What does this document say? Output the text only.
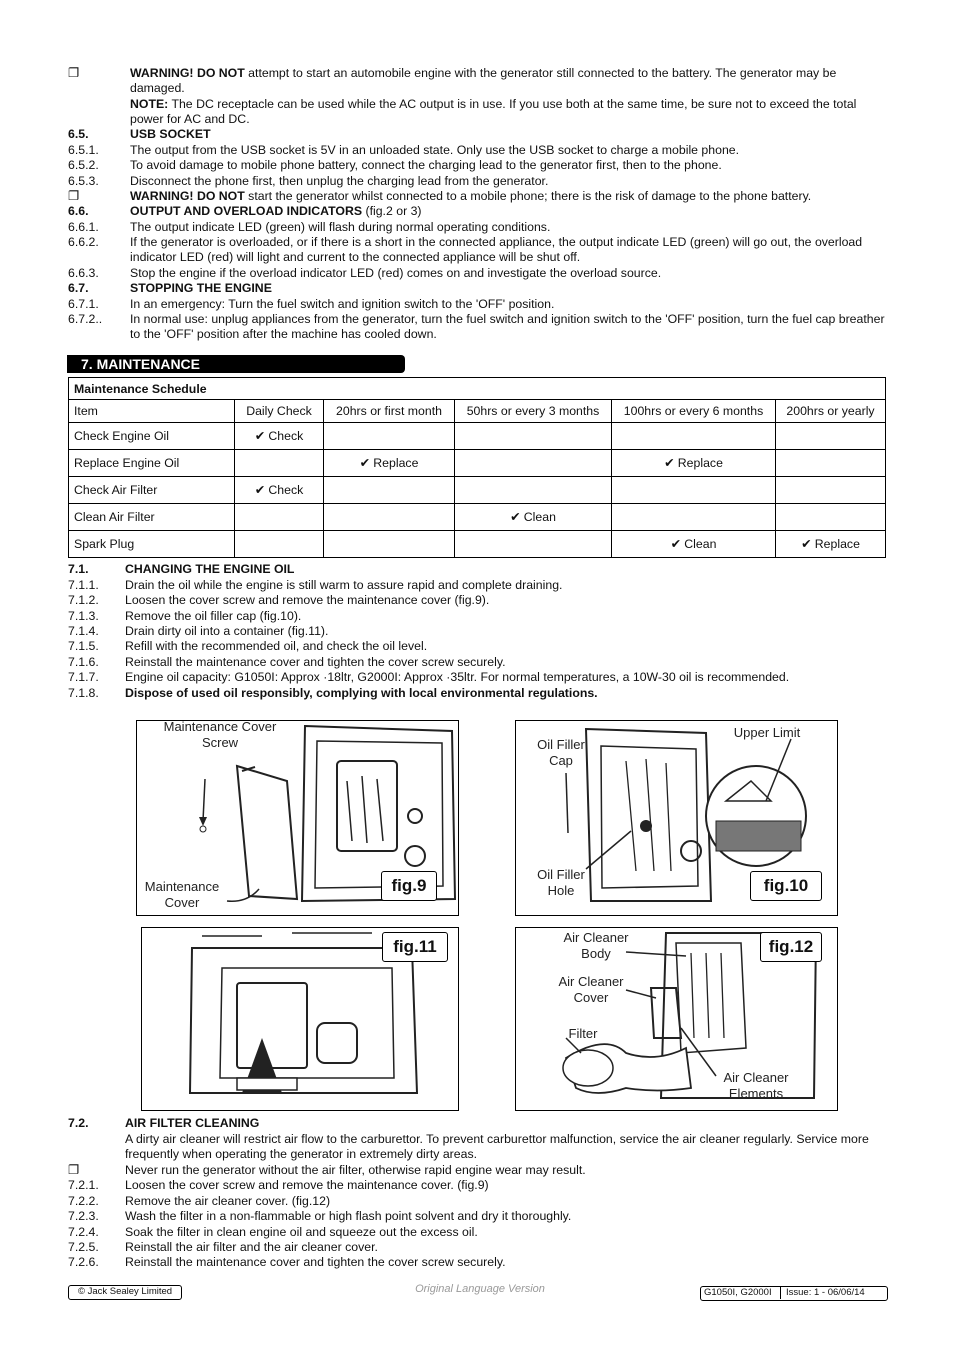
❐	WARNING! DO NOT attempt to start an automobile engine with the generator still connected to the battery. The generator may be damaged.
NOTE: The DC receptacle can be used while the AC output is in use. If you use both at the same time, be sure not to exceed the total power for AC and DC.
6.5.	USB SOCKET
6.5.1.	The output from the USB socket is 5V in an unloaded state. Only use the USB socket to charge a mobile phone.
6.5.2.	To avoid damage to mobile phone battery, connect the charging lead to the generator first, then to the phone.
6.5.3.	Disconnect the phone first, then unplug the charging lead from the generator.
❐	WARNING! DO NOT start the generator whilst connected to a mobile phone; there is the risk of damage to the phone battery.
6.6.	OUTPUT AND OVERLOAD INDICATORS (fig.2 or 3)
6.6.1.	The output indicate LED (green) will flash during normal operating conditions.
6.6.2.	If the generator is overloaded, or if there is a short in the connected appliance, the output indicate LED (green) will go out, the overload indicator LED (red) will light and current to the connected appliance will be shut off.
6.6.3.	Stop the engine if the overload indicator LED (red) comes on and investigate the overload source.
6.7.	STOPPING THE ENGINE
6.7.1.	In an emergency: Turn the fuel switch and ignition switch to the 'OFF' position.
6.7.2.. In normal use: unplug appliances from the generator, turn the fuel switch and ignition switch to the 'OFF' position, turn the fuel cap breather to the 'OFF' position after the machine has cooled down.
7. MAINTENANCE
Maintenance Schedule					
Item	Daily Check	20hrs or first month	50hrs or every 3 months	100hrs or every 6 months	200hrs or yearly
Check Engine Oil	✔ Check				
Replace Engine Oil		✔ Replace		✔ Replace	
Check Air Filter	✔ Check				
Clean Air Filter			✔ Clean		
Spark Plug				✔ Clean	✔ Replace
7.1.	CHANGING THE ENGINE OIL
7.1.1. Drain the oil while the engine is still warm to assure rapid and complete draining.
7.1.2. Loosen the cover screw and remove the maintenance cover (fig.9).
7.1.3. Remove the oil filler cap (fig.10).
7.1.4. Drain dirty oil into a container (fig.11).
7.1.5. Refill with the recommended oil, and check the oil level.
7.1.6. Reinstall the maintenance cover and tighten the cover screw securely.
7.1.7. Engine oil capacity: G1050I: Approx ·18ltr, G2000I: Approx ·35ltr. For normal temperatures, a 10W-30 oil is recommended.
7.1.8. Dispose of used oil responsibly, complying with local environmental regulations.
Maintenance Cover Screw
Maintenance Cover
fig.9
Oil Filler Cap
Oil Filler Hole
Upper Limit
fig.10
fig.11	Air Cleaner Body
Air Cleaner Cover
Filter
Air Cleaner Elements
fig.12
7.2.	AIR FILTER CLEANING
A dirty air cleaner will restrict air flow to the carburettor. To prevent carburettor malfunction, service the air cleaner regularly. Service more frequently when operating the generator in extremely dirty areas.
❐	Never run the generator without the air filter, otherwise rapid engine wear may result.
7.2.1. Loosen the cover screw and remove the maintenance cover. (fig.9)
7.2.2. Remove the air cleaner cover. (fig.12)
7.2.3. Wash the filter in a non-flammable or high flash point solvent and dry it thoroughly.
7.2.4. Soak the filter in clean engine oil and squeeze out the excess oil.
7.2.5. Reinstall the air filter and the air cleaner cover.
7.2.6. Reinstall the maintenance cover and tighten the cover screw securely.
© Jack Sealey Limited	Original Language Version	G1050I, G2000I Issue: 1 - 06/06/14
